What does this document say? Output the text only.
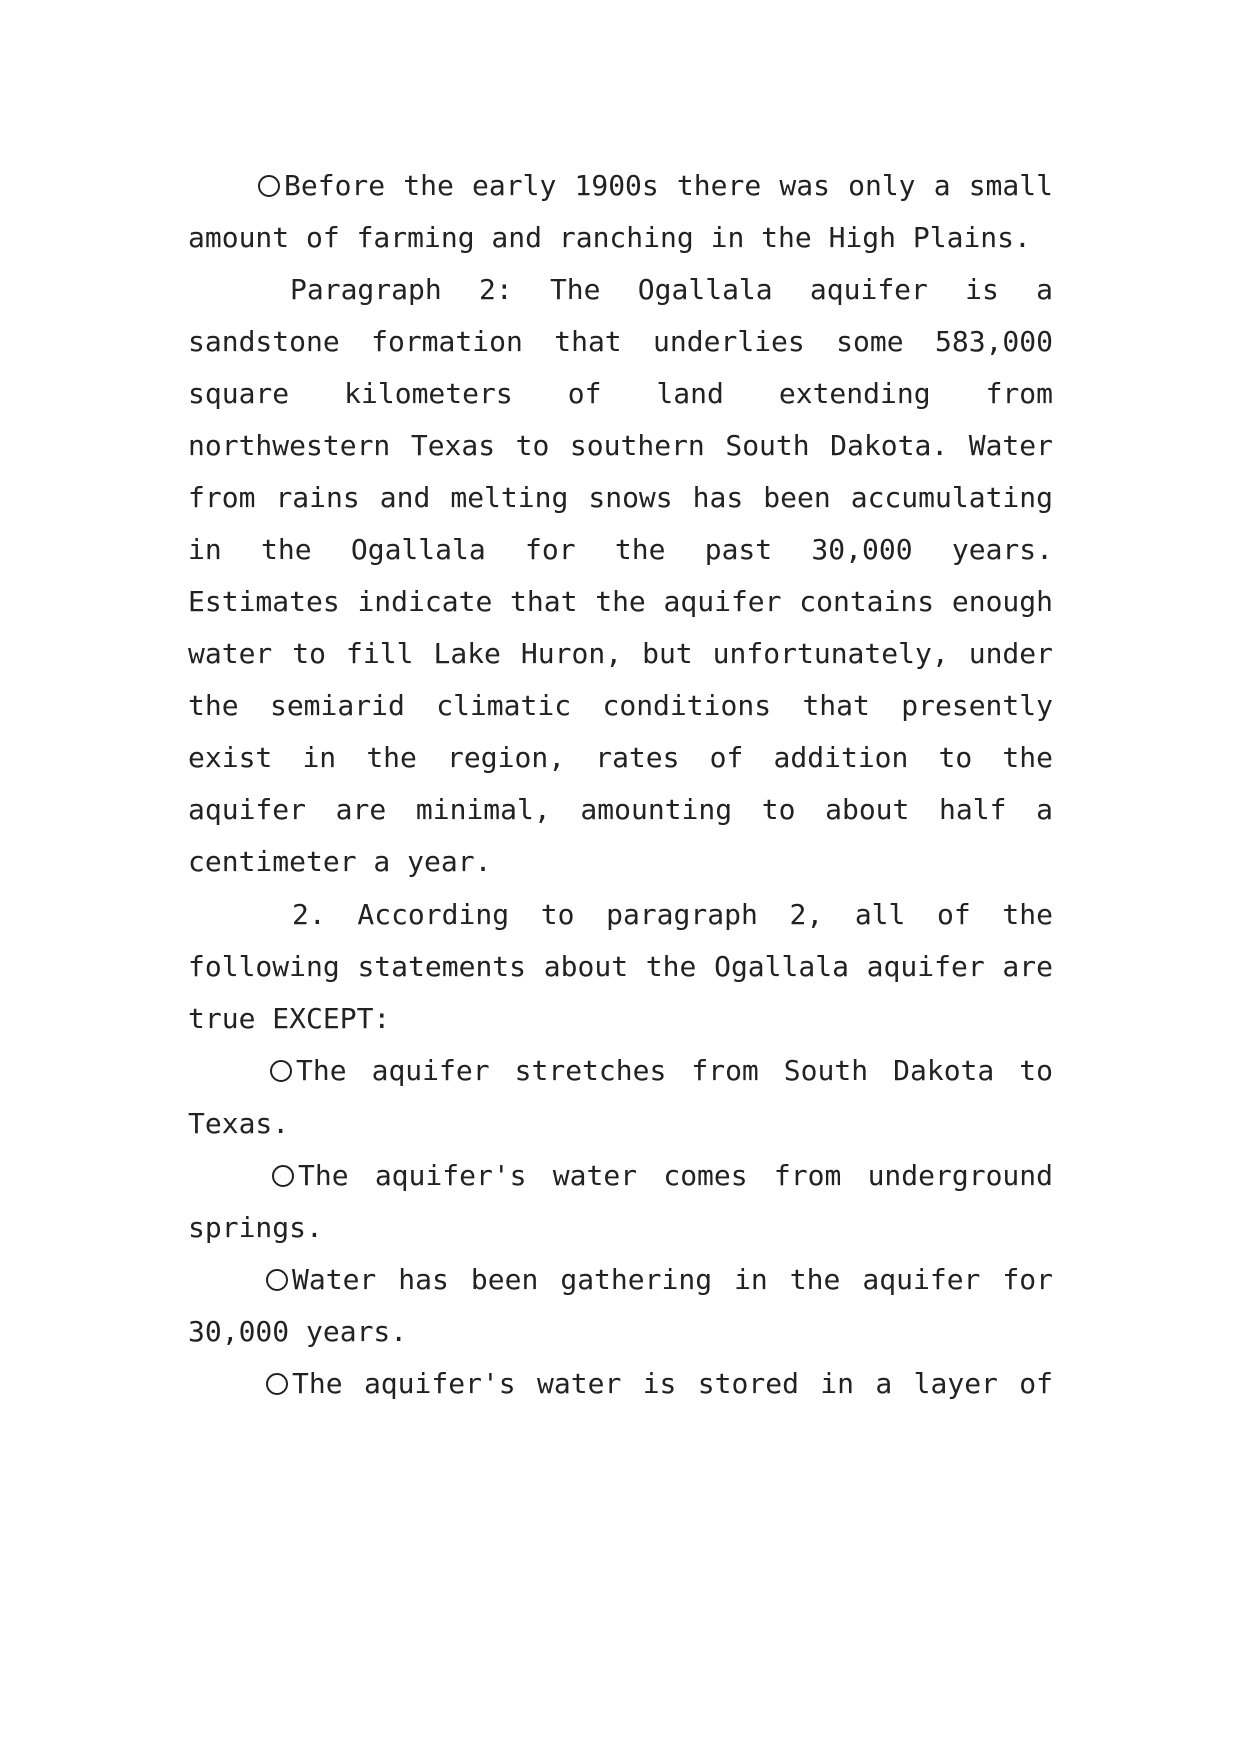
Before the early 1900s there was only a small
amount of farming and ranching in the High Plains.
Paragraph 2: The Ogallala aquifer is a
sandstone formation that underlies some 583,000
square kilometers of land extending from
northwestern Texas to southern South Dakota. Water
from rains and melting snows has been accumulating
in the Ogallala for the past 30,000 years.
Estimates indicate that the aquifer contains enough
water to fill Lake Huron, but unfortunately, under
the semiarid climatic conditions that presently
exist in the region, rates of addition to the
aquifer are minimal, amounting to about half a
centimeter a year.
2. According to paragraph 2, all of the
following statements about the Ogallala aquifer are
true EXCEPT:
The aquifer stretches from South Dakota to
Texas.
The aquifer's water comes from underground
springs.
Water has been gathering in the aquifer for
30,000 years.
The aquifer's water is stored in a layer of
